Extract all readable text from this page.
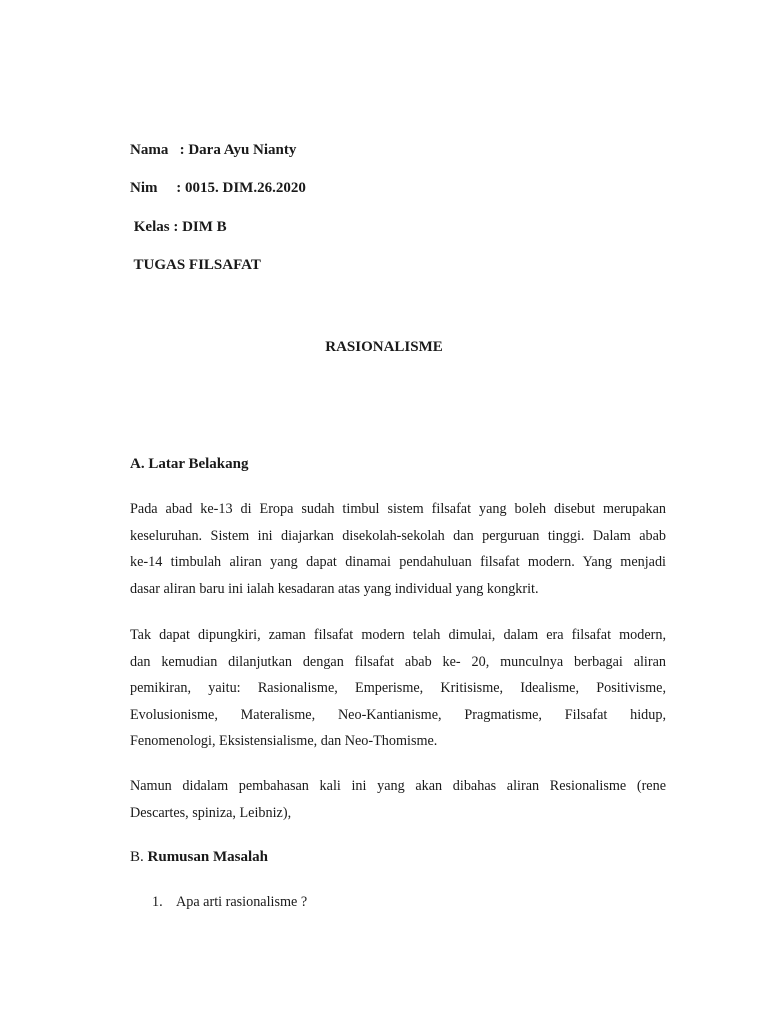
Nama   : Dara Ayu Nianty
Nim     : 0015. DIM.26.2020
Kelas : DIM B
TUGAS FILSAFAT
RASIONALISME
A. Latar Belakang
Pada abad ke-13 di Eropa sudah timbul sistem filsafat yang boleh disebut merupakan
keseluruhan. Sistem ini diajarkan disekolah-sekolah dan perguruan tinggi. Dalam abab
ke-14 timbulah aliran yang dapat dinamai pendahuluan filsafat modern. Yang menjadi
dasar aliran baru ini ialah kesadaran atas yang individual yang kongkrit.
Tak dapat dipungkiri, zaman filsafat modern telah dimulai, dalam era filsafat modern,
dan kemudian dilanjutkan dengan filsafat abab ke- 20, munculnya berbagai aliran
pemikiran, yaitu: Rasionalisme, Emperisme, Kritisisme, Idealisme, Positivisme,
Evolusionisme, Materalisme, Neo-Kantianisme, Pragmatisme, Filsafat hidup,
Fenomenologi, Eksistensialisme, dan Neo-Thomisme.
Namun didalam pembahasan kali ini yang akan dibahas aliran Resionalisme (rene
Descartes, spiniza, Leibniz),
B. Rumusan Masalah
1. Apa arti rasionalisme ?
